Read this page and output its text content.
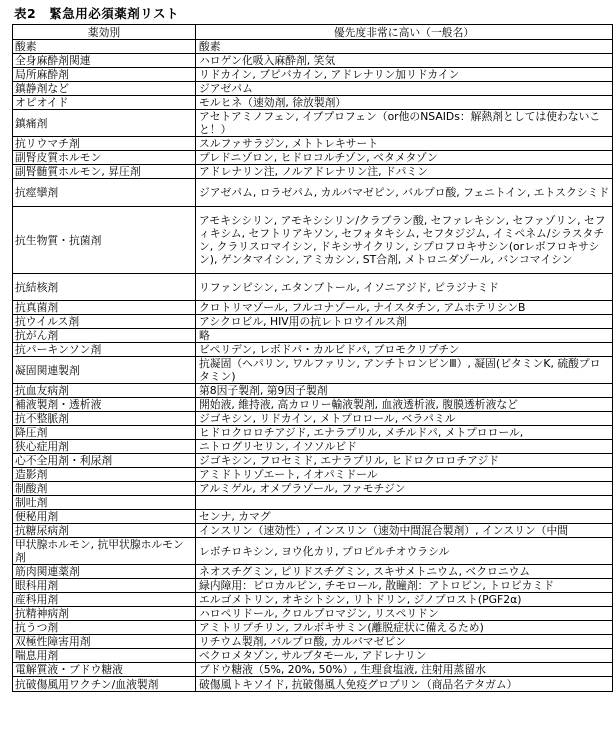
表2　緊急用必須薬剤リスト
薬効別	優先度非常に高い（一般名）
酸素	酸素
全身麻酔剤関連	ハロゲン化吸入麻酔剤, 笑気
局所麻酔剤	リドカイン, ブピバカイン, アドレナリン加リドカイン
鎮静剤など	ジアゼパム
オピオイド	モルヒネ（速効剤, 徐放製剤）
鎮痛剤	アセトアミノフェン, イブプロフェン（or他のNSAIDs：解熱剤としては使わないこと！）
抗リウマチ剤	スルファサラジン, メトトレキサート
副腎皮質ホルモン	プレドニゾロン, ヒドロコルチゾン, ベタメタゾン
副腎髄質ホルモン, 昇圧剤	アドレナリン注, ノルアドレナリン注, ドパミン
抗痙攣剤	ジアゼパム, ロラゼパム, カルバマゼピン, バルプロ酸, フェニトイン, エトスクシミド
抗生物質・抗菌剤	アモキシシリン, アモキシシリン/クラブラン酸, セファレキシン, セファゾリン, セフィキシム, セフトリアキソン, セフォタキシム, セフタジジム, イミペネム/シラスタチン, クラリスロマイシン, ドキシサイクリン, シプロフロキサシン(orレボフロキサシン), ゲンタマイシン, アミカシン, ST合剤, メトロニダゾール, バンコマイシン
抗結核剤	リファンピシン, エタンブトール, イソニアジド, ピラジナミド
抗真菌剤	クロトリマゾール, フルコナゾール, ナイスタチン, アムホテリシンB
抗ウイルス剤	アシクロビル, HIV用の抗レトロウイルス剤
抗がん剤	略
抗パーキンソン剤	ビペリデン, レボドパ・カルビドパ, ブロモクリプチン
凝固関連製剤	抗凝固（ヘパリン, ワルファリン, アンチトロンビンⅢ）, 凝固(ビタミンK, 硫酸プロタミン)
抗血友病剤	第8因子製剤, 第9因子製剤
補液製剤・透析液	開始液, 維持液, 高カロリー輸液製剤, 血液透析液, 腹膜透析液など
抗不整脈剤	ジゴキシン, リドカイン, メトプロロール, ベラパミル
降圧剤	ヒドロクロロチアジド, エナラプリル, メチルドパ, メトプロロール,
狭心症用剤	ニトログリセリン, イソソルビド
心不全用剤・利尿剤	ジゴキシン, フロセミド, エナラプリル, ヒドロクロロチアジド
造影剤	アミドトリゾエート, イオパミドール
制酸剤	アルミゲル, オメプラゾール, ファモチジン
制吐剤	
便秘用剤	センナ, カマグ
抗糖尿病剤	インスリン（速効性）, インスリン（速効中間混合製剤）, インスリン（中間
甲状腺ホルモン, 抗甲状腺ホルモン剤	レボチロキシン, ヨウ化カリ, プロピルチオウラシル
筋肉関連薬剤	ネオスチグミン, ピリドスチグミン, スキサメトニウム, ベクロニウム
眼科用剤	緑内障用：ピロカルピン, チモロール, 散瞳剤：アトロピン, トロピカミド
産科用剤	エルゴメトリン, オキシトシン, リトドリン, ジノプロスト(PGF2α)
抗精神病剤	ハロペリドール, クロルプロマジン, リスペリドン
抗うつ剤	アミトリプチリン, フルボキサミン(離脱症状に備えるため)
双極性障害用剤	リチウム製剤, バルプロ酸, カルバマゼピン
喘息用剤	ベクロメタゾン, サルブタモール, アドレナリン
電解質液・ブドウ糖液	ブドウ糖液（5%, 20%, 50%）, 生理食塩液, 注射用蒸留水
抗破傷風用ワクチン/血液製剤	破傷風トキソイド, 抗破傷風人免疫グロブリン（商品名テタガム）
